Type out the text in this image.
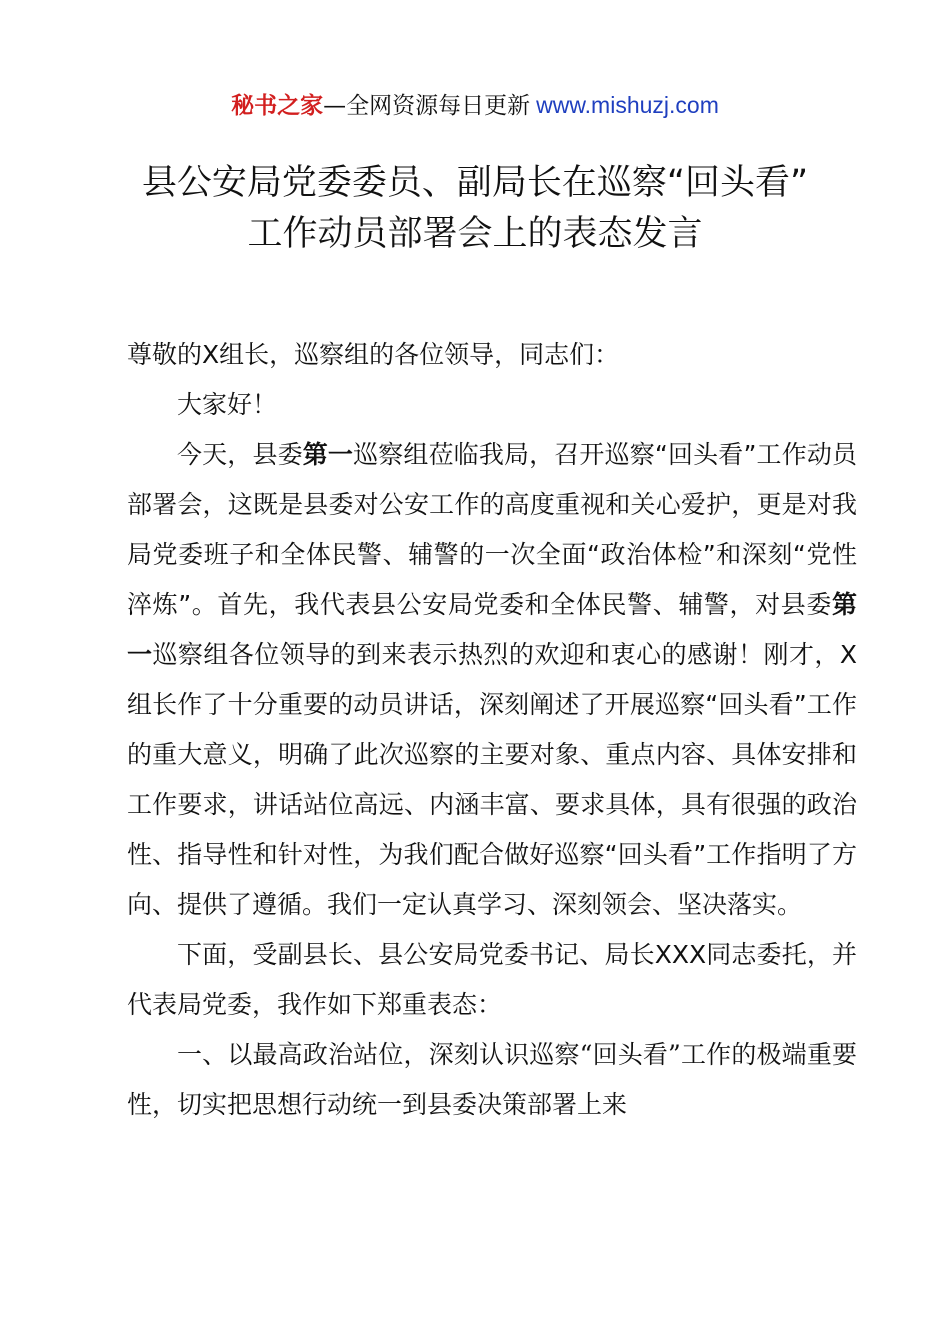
秘书之家—全网资源每日更新 www.mishuzj.com
县公安局党委委员、副局长在巡察“回头看”
工作动员部署会上的表态发言

尊敬的X组长，巡察组的各位领导，同志们：

大家好！

今天，县委第一巡察组莅临我局，召开巡察“回头看”工作动员部署会，这既是县委对公安工作的高度重视和关心爱护，更是对我局党委班子和全体民警、辅警的一次全面“政治体检”和深刻“党性淬炼”。首先，我代表县公安局党委和全体民警、辅警，对县委第一巡察组各位领导的到来表示热烈的欢迎和衷心的感谢！刚才，X组长作了十分重要的动员讲话，深刻阐述了开展巡察“回头看”工作的重大意义，明确了此次巡察的主要对象、重点内容、具体安排和工作要求，讲话站位高远、内涵丰富、要求具体，具有很强的政治性、指导性和针对性，为我们配合做好巡察“回头看”工作指明了方向、提供了遵循。我们一定认真学习、深刻领会、坚决落实。

下面，受副县长、县公安局党委书记、局长XXX同志委托，并代表局党委，我作如下郑重表态：

一、以最高政治站位，深刻认识巡察“回头看”工作的极端重要性，切实把思想行动统一到县委决策部署上来
